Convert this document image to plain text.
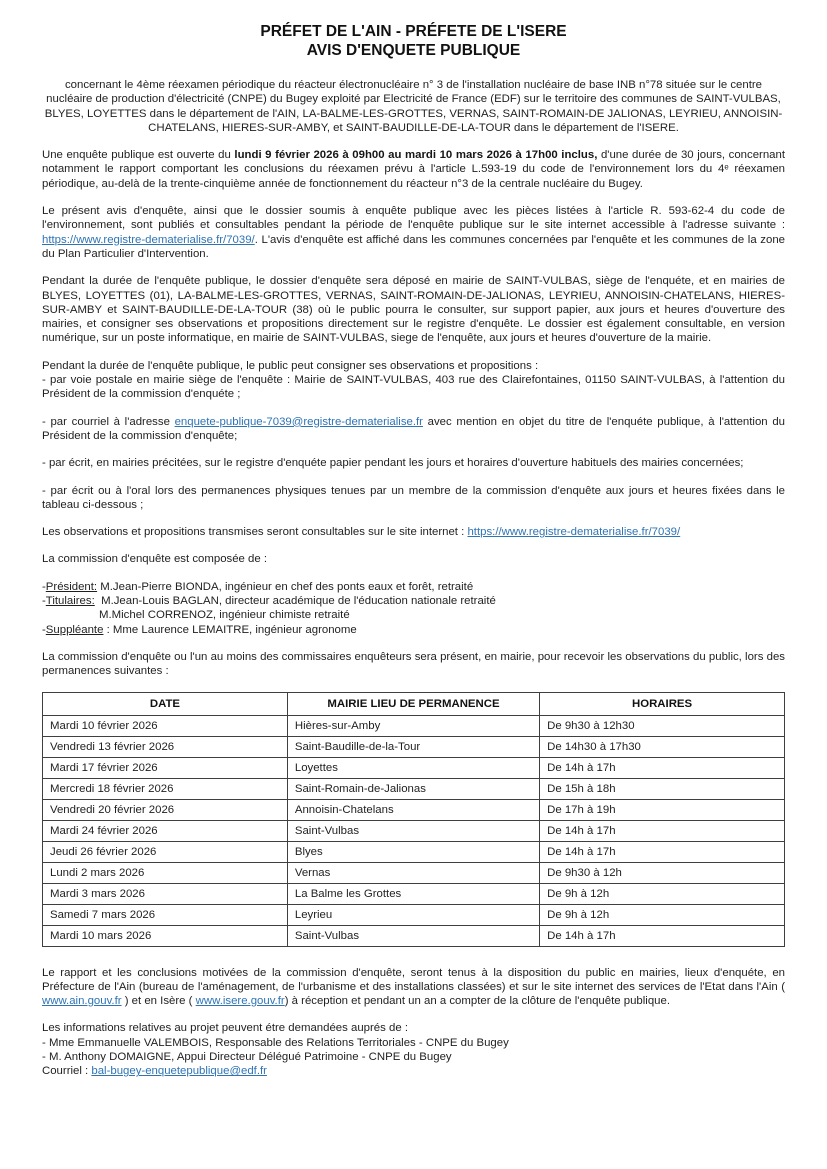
PRÉFET DE L'AIN - PRÉFETE DE L'ISERE
AVIS D'ENQUETE PUBLIQUE

concernant le 4ème réexamen périodique du réacteur électronucléaire n° 3 de l'installation nucléaire de base INB n°78 située sur le centre nucléaire de production d'électricité (CNPE) du Bugey exploité par Electricité de France (EDF) sur le territoire des communes de SAINT-VULBAS, BLYES, LOYETTES dans le département de l'AIN, LA-BALME-LES-GROTTES, VERNAS, SAINT-ROMAIN-DE JALIONAS, LEYRIEU, ANNOISIN-CHATELANS, HIERES-SUR-AMBY, et SAINT-BAUDILLE-DE-LA-TOUR dans le département de l'ISERE.

Une enquête publique est ouverte du lundi 9 février 2026 à 09h00 au mardi 10 mars 2026 à 17h00 inclus, d'une durée de 30 jours, concernant notamment le rapport comportant les conclusions du réexamen prévu à l'article L.593-19 du code de l'environnement lors du 4ᵉ réexamen périodique, au-delà de la trente-cinquième année de fonctionnement du réacteur n°3 de la centrale nucléaire du Bugey.

Le présent avis d'enquête, ainsi que le dossier soumis à enquête publique avec les pièces listées à l'article R. 593-62-4 du code de l'environnement, sont publiés et consultables pendant la période de l'enquête publique sur le site internet accessible à l'adresse suivante : https://www.registre-dematerialise.fr/7039/. L'avis d'enquête est affiché dans les communes concernées par l'enquête et les communes de la zone du Plan Particulier d'Intervention.

Pendant la durée de l'enquête publique, le dossier d'enquête sera déposé en mairie de SAINT-VULBAS, siège de l'enquéte, et en mairies de BLYES, LOYETTES (01), LA-BALME-LES-GROTTES, VERNAS, SAINT-ROMAIN-DE-JALIONAS, LEYRIEU, ANNOISIN-CHATELANS, HIERES-SUR-AMBY et SAINT-BAUDILLE-DE-LA-TOUR (38) où le public pourra le consulter, sur support papier, aux jours et heures d'ouverture des mairies, et consigner ses observations et propositions directement sur le registre d'enquête. Le dossier est également consultable, en version numérique, sur un poste informatique, en mairie de SAINT-VULBAS, siege de l'enquête, aux jours et heures d'ouverture de la mairie.

Pendant la durée de l'enquête publique, le public peut consigner ses observations et propositions :

- par voie postale en mairie siège de l'enquête : Mairie de SAINT-VULBAS, 403 rue des Clairefontaines, 01150 SAINT-VULBAS, à l'attention du Président de la commission d'enquéte ;

- par courriel à l'adresse enquete-publique-7039@registre-dematerialise.fr avec mention en objet du titre de l'enquéte publique, à l'attention du Président de la commission d'enquête;

- par écrit, en mairies précitées, sur le registre d'enquéte papier pendant les jours et horaires d'ouverture habituels des mairies concernées;

- par écrit ou à l'oral lors des permanences physiques tenues par un membre de la commission d'enquête aux jours et heures fixées dans le tableau ci-dessous ;

Les observations et propositions transmises seront consultables sur le site internet : https://www.registre-dematerialise.fr/7039/

La commission d'enquête est composée de :

-Président: M.Jean-Pierre BIONDA, ingénieur en chef des ponts eaux et forêt, retraité
-Titulaires:  M.Jean-Louis BAGLAN, directeur académique de l'éducation nationale retraité
M.Michel CORRENOZ, ingénieur chimiste retraité
-Suppléante : Mme Laurence LEMAITRE, ingénieur agronome

La commission d'enquête ou l'un au moins des commissaires enquêteurs sera présent, en mairie, pour recevoir les observations du public, lors des permanences suivantes :

DATE	MAIRIE LIEU DE PERMANENCE	HORAIRES
Mardi 10 février 2026	Hières-sur-Amby	De 9h30 à 12h30
Vendredi 13 février 2026	Saint-Baudille-de-la-Tour	De 14h30 à 17h30
Mardi 17 février 2026	Loyettes	De 14h à 17h
Mercredi 18 février 2026	Saint-Romain-de-Jalionas	De 15h à 18h
Vendredi 20 février 2026	Annoisin-Chatelans	De 17h à 19h
Mardi 24 février 2026	Saint-Vulbas	De 14h à 17h
Jeudi 26 février 2026	Blyes	De 14h à 17h
Lundi 2 mars 2026	Vernas	De 9h30 à 12h
Mardi 3 mars 2026	La Balme les Grottes	De 9h à 12h
Samedi 7 mars 2026	Leyrieu	De 9h à 12h
Mardi 10 mars 2026	Saint-Vulbas	De 14h à 17h

Le rapport et les conclusions motivées de la commission d'enquête, seront tenus à la disposition du public en mairies, lieux d'enquéte, en Préfecture de l'Ain (bureau de l'aménagement, de l'urbanisme et des installations classées) et sur le site internet des services de l'Etat dans l'Ain ( www.ain.gouv.fr ) et en Isère ( www.isere.gouv.fr) à réception et pendant un an a compter de la clôture de l'enquête publique.

Les informations relatives au projet peuvent étre demandées auprés de :
- Mme Emmanuelle VALEMBOIS, Responsable des Relations Territoriales - CNPE du Bugey
- M. Anthony DOMAIGNE, Appui Directeur Délégué Patrimoine - CNPE du Bugey
Courriel : bal-bugey-enquetepublique@edf.fr
